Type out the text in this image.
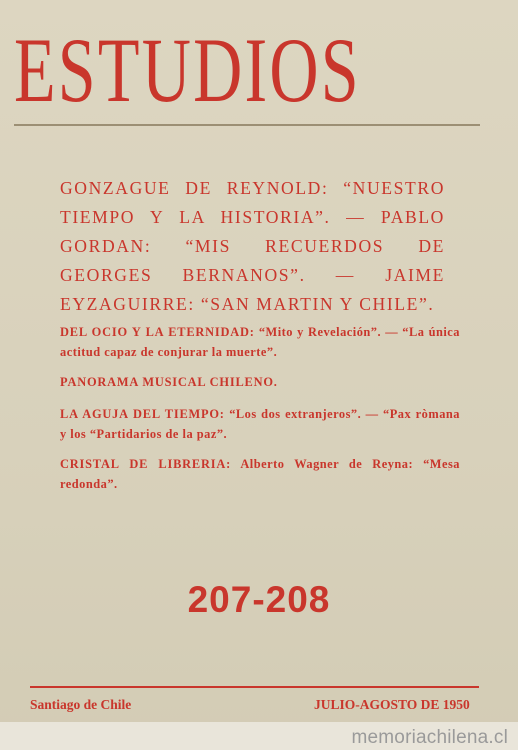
ESTUDIOS
GONZAGUE DE REYNOLD: “NUESTRO TIEMPO Y LA HISTORIA”. — PABLO GORDAN: “MIS RECUERDOS DE GEORGES BERNANOS”. — JAIME EYZAGUIRRE: “SAN MARTIN Y CHILE”.
DEL OCIO Y LA ETERNIDAD: “Mito y Revelación”. — “La única actitud capaz de conjurar la muerte”.
PANORAMA MUSICAL CHILENO.
LA AGUJA DEL TIEMPO: “Los dos extranjeros”. — “Pax ròmana y los “Partidarios de la paz”.
CRISTAL DE LIBRERIA: Alberto Wagner de Reyna: “Mesa redonda”.
207-208
Santiago de Chile	JULIO-AGOSTO DE 1950
memoriachilena.cl
